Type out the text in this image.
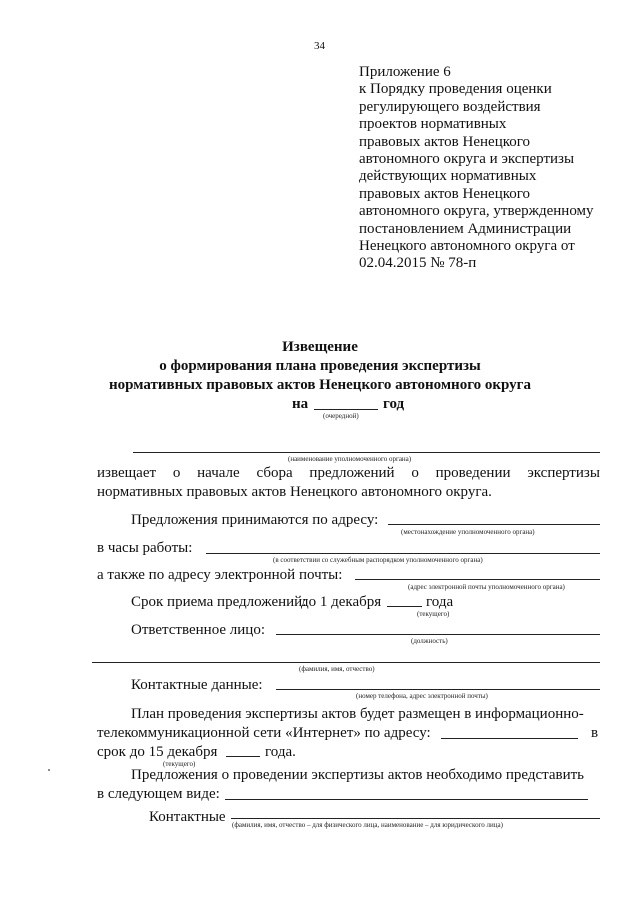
34
Приложение 6
к Порядку проведения оценки
регулирующего воздействия
проектов нормативных
правовых актов Ненецкого
автономного округа и экспертизы
действующих нормативных
правовых актов Ненецкого
автономного округа, утвержденному
постановлением Администрации
Ненецкого автономного округа от
02.04.2015 № 78-п
Извещение
о формирования плана проведения экспертизы
нормативных правовых актов Ненецкого автономного округа
на	год
(очередной)
(наименование уполномоченного органа)
извещает о начале сбора предложений о проведении экспертизы
нормативных правовых актов Ненецкого автономного округа.
Предложения принимаются по адресу:
(местонахождение уполномоченного органа)
в часы работы:
(в соответствии со служебным распорядком уполномоченного органа)
а также по адресу электронной почты:
(адрес электронной почты уполномоченного органа)
Срок приема предложений:
до 1 декабря	года
(текущего)
Ответственное лицо:
(должность)
(фамилия, имя, отчество)
Контактные данные:
(номер телефона, адрес электронной почты)
План проведения экспертизы актов будет размещен в информационно-
телекоммуникационной сети «Интернет» по адресу:	в
срок до 15 декабря	года.
(текущего)
Предложения о проведении экспертизы актов необходимо представить
в следующем виде:
Контактные (фамилия, имя, отчество – для физического лица, наименование – для юридического лица)
